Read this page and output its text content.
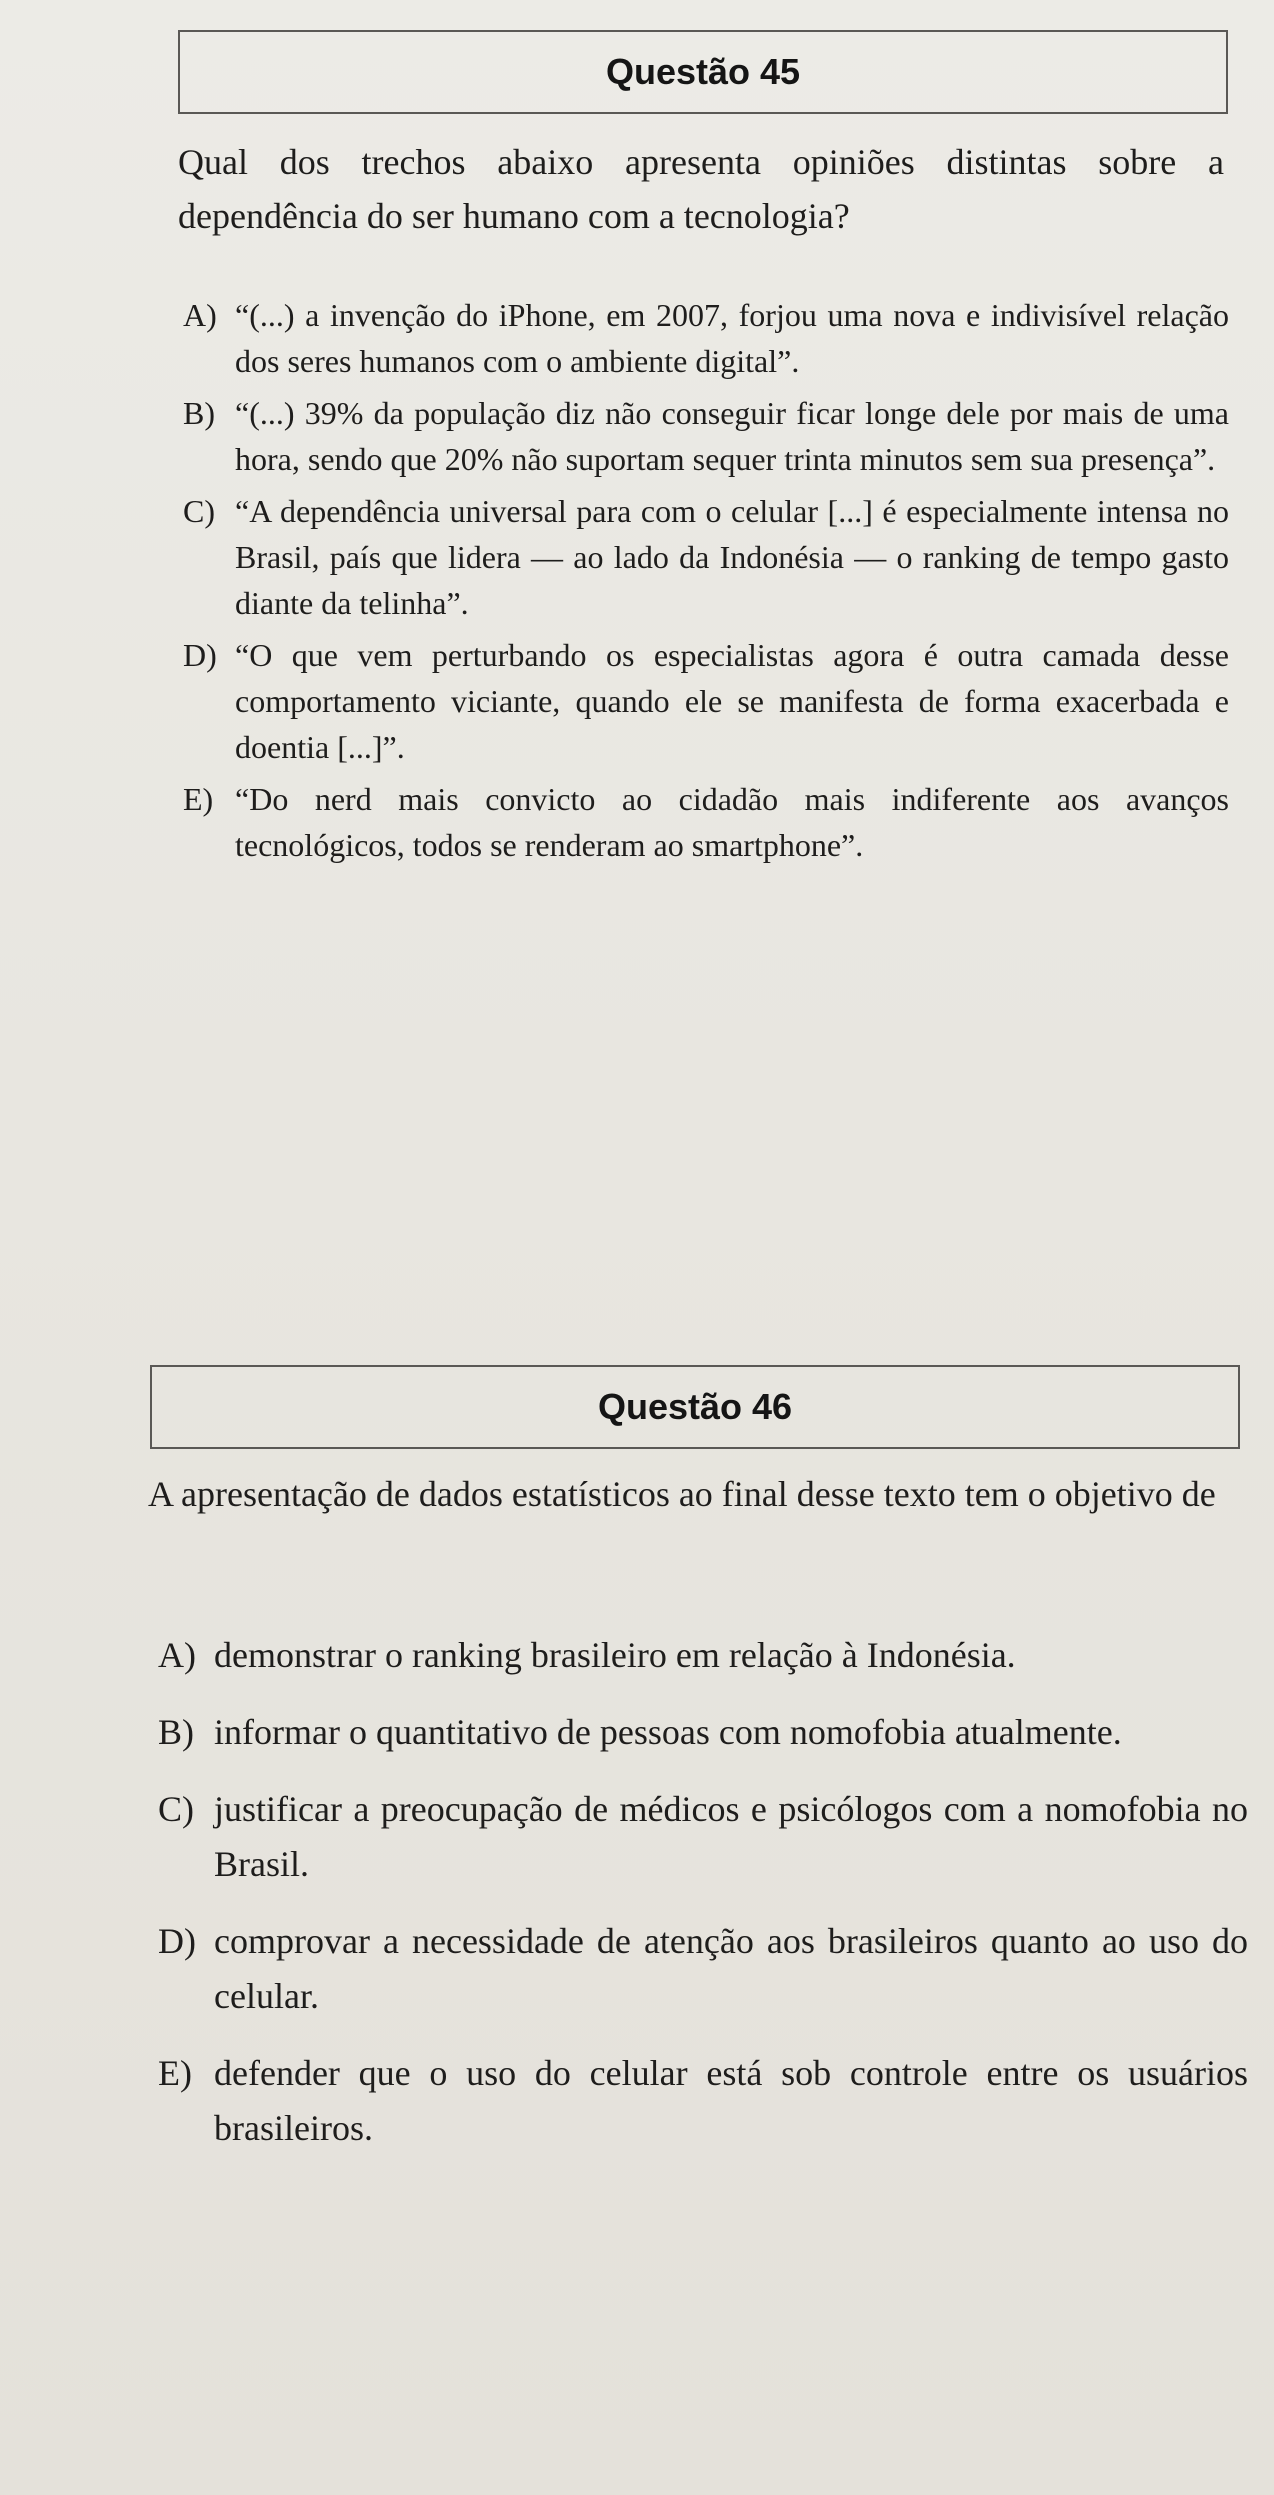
Questão 45

Qual dos trechos abaixo apresenta opiniões distintas sobre a dependência do ser humano com a tecnologia?

A) “(...) a invenção do iPhone, em 2007, forjou uma nova e indivisível relação dos seres humanos com o ambiente digital”.
B) “(...) 39% da população diz não conseguir ficar longe dele por mais de uma hora, sendo que 20% não suportam sequer trinta minutos sem sua presença”.
C) “A dependência universal para com o celular [...] é especialmente intensa no Brasil, país que lidera — ao lado da Indonésia — o ranking de tempo gasto diante da telinha”.
D) “O que vem perturbando os especialistas agora é outra camada desse comportamento viciante, quando ele se manifesta de forma exacerbada e doentia [...]”.
E) “Do nerd mais convicto ao cidadão mais indiferente aos avanços tecnológicos, todos se renderam ao smartphone”.
Questão 46

A apresentação de dados estatísticos ao final desse texto tem o objetivo de

A) demonstrar o ranking brasileiro em relação à Indonésia.
B) informar o quantitativo de pessoas com nomofobia atualmente.
C) justificar a preocupação de médicos e psicólogos com a nomofobia no Brasil.
D) comprovar a necessidade de atenção aos brasileiros quanto ao uso do celular.
E) defender que o uso do celular está sob controle entre os usuários brasileiros.
